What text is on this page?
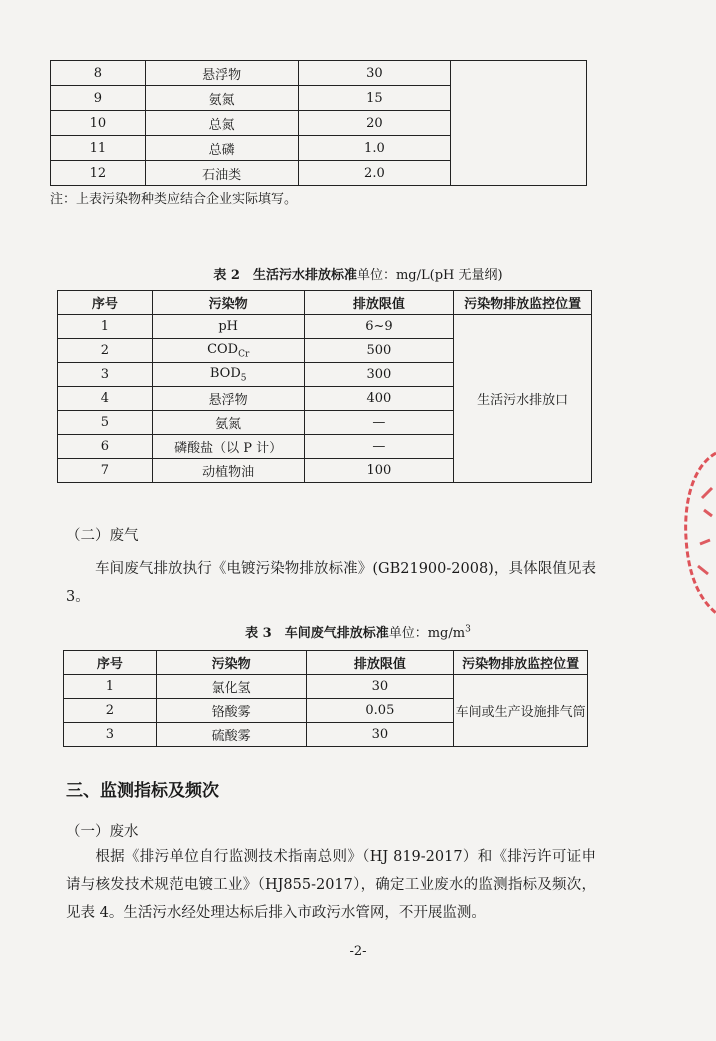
8	悬浮物	30	
9	氨氮	15	
10	总氮	20	
11	总磷	1.0	
12	石油类	2.0	
注：上表污染物种类应结合企业实际填写。
表 2　生活污水排放标准单位：mg/L(pH 无量纲)
序号	污染物	排放限值	污染物排放监控位置
1	pH	6~9	生活污水排放口
2	$COD_{Cr}$	500	
3	$BOD_5$	300	
4	悬浮物	400	
5	氨氮	—	
6	磷酸盐（以 P 计）	—	
7	动植物油	100	
（二）废气
车间废气排放执行《电镀污染物排放标准》(GB21900-2008)，具体限值见表 3。
表 3　车间废气排放标准单位：$mg/m^3$
序号	污染物	排放限值	污染物排放监控位置
1	氯化氢	30	车间或生产设施排气筒
2	铬酸雾	0.05	
3	硫酸雾	30	
三、监测指标及频次
（一）废水
根据《排污单位自行监测技术指南总则》（HJ 819-2017）和《排污许可证申请与核发技术规范电镀工业》（HJ855-2017），确定工业废水的监测指标及频次，见表 4。生活污水经处理达标后排入市政污水管网，不开展监测。
-2-
